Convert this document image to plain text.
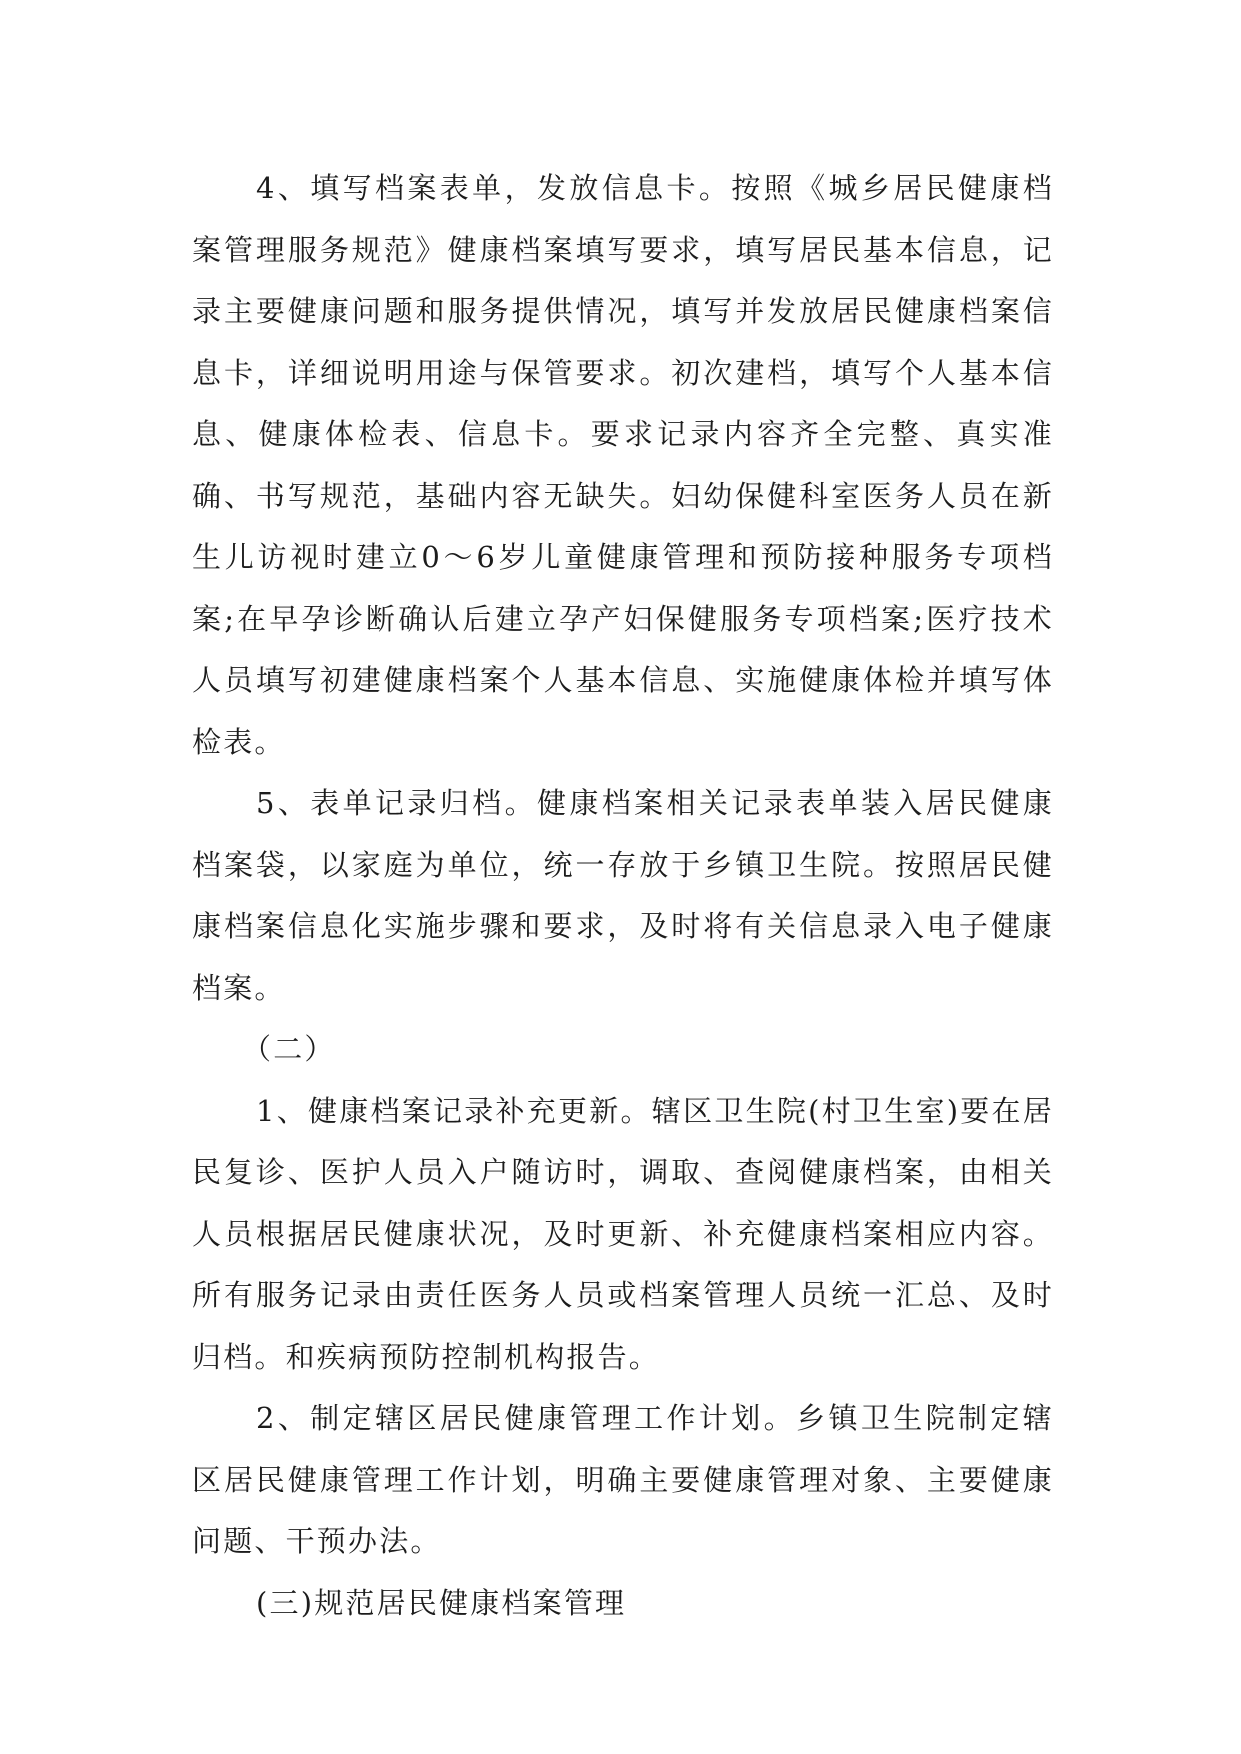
4、填写档案表单，发放信息卡。按照《城乡居民健康档案管理服务规范》健康档案填写要求，填写居民基本信息，记录主要健康问题和服务提供情况，填写并发放居民健康档案信息卡，详细说明用途与保管要求。初次建档，填写个人基本信息、健康体检表、信息卡。要求记录内容齐全完整、真实准确、书写规范，基础内容无缺失。妇幼保健科室医务人员在新生儿访视时建立0～6岁儿童健康管理和预防接种服务专项档案;在早孕诊断确认后建立孕产妇保健服务专项档案;医疗技术人员填写初建健康档案个人基本信息、实施健康体检并填写体检表。

5、表单记录归档。健康档案相关记录表单装入居民健康档案袋，以家庭为单位，统一存放于乡镇卫生院。按照居民健康档案信息化实施步骤和要求，及时将有关信息录入电子健康档案。

（二）

1、健康档案记录补充更新。辖区卫生院(村卫生室)要在居民复诊、医护人员入户随访时，调取、查阅健康档案，由相关人员根据居民健康状况，及时更新、补充健康档案相应内容。所有服务记录由责任医务人员或档案管理人员统一汇总、及时归档。和疾病预防控制机构报告。

2、制定辖区居民健康管理工作计划。乡镇卫生院制定辖区居民健康管理工作计划，明确主要健康管理对象、主要健康问题、干预办法。

(三)规范居民健康档案管理
